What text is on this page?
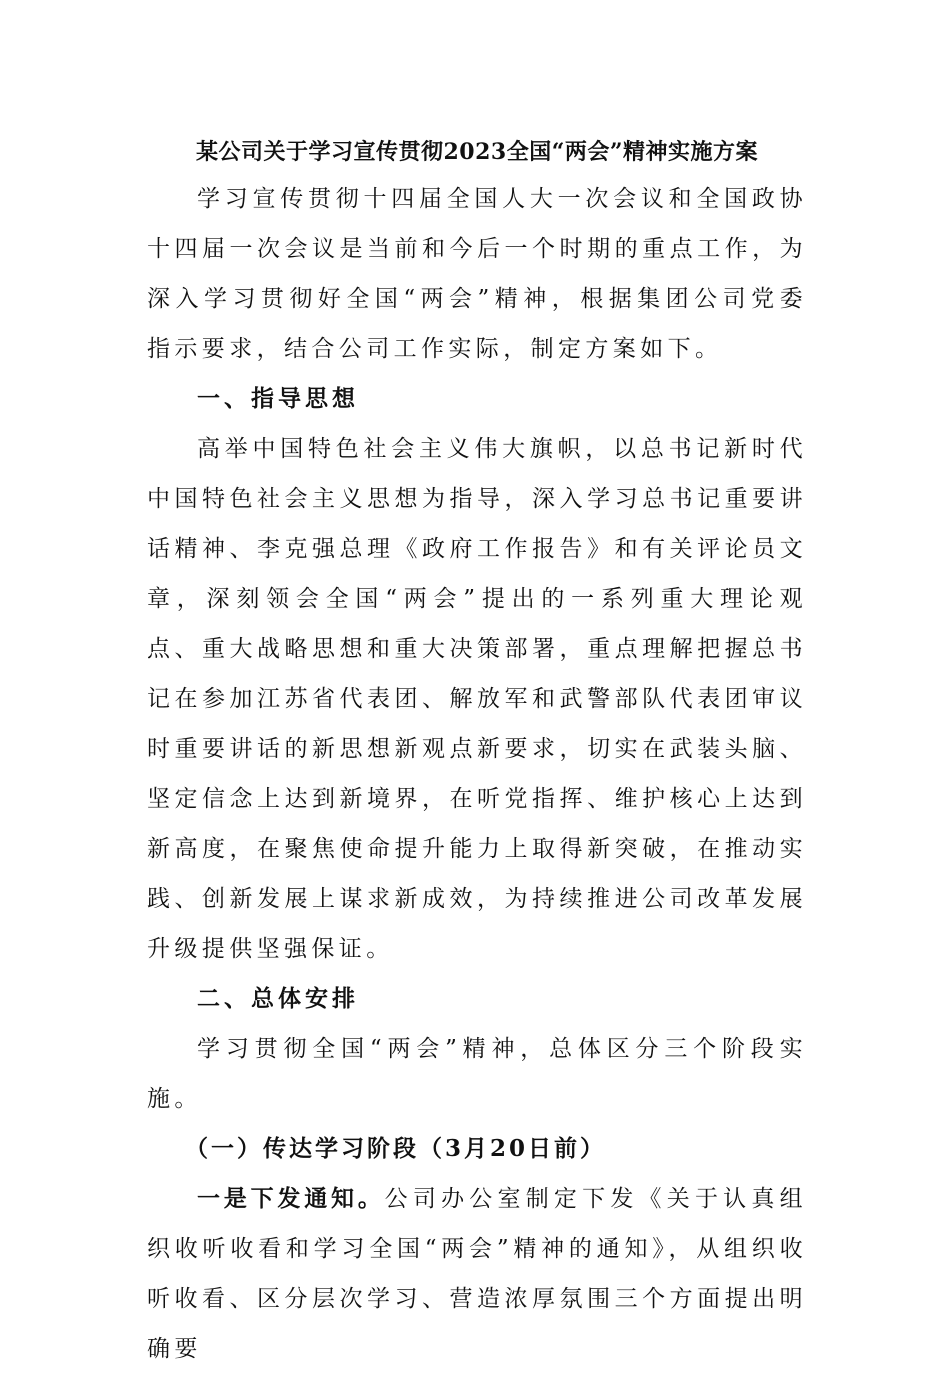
某公司关于学习宣传贯彻2023全国“两会”精神实施方案

学习宣传贯彻十四届全国人大一次会议和全国政协十四届一次会议是当前和今后一个时期的重点工作，为深入学习贯彻好全国“两会”精神，根据集团公司党委指示要求，结合公司工作实际，制定方案如下。

一、指导思想

高举中国特色社会主义伟大旗帜，以总书记新时代中国特色社会主义思想为指导，深入学习总书记重要讲话精神、李克强总理《政府工作报告》和有关评论员文章，深刻领会全国“两会”提出的一系列重大理论观点、重大战略思想和重大决策部署，重点理解把握总书记在参加江苏省代表团、解放军和武警部队代表团审议时重要讲话的新思想新观点新要求，切实在武装头脑、坚定信念上达到新境界，在听党指挥、维护核心上达到新高度，在聚焦使命提升能力上取得新突破，在推动实践、创新发展上谋求新成效，为持续推进公司改革发展升级提供坚强保证。

二、总体安排

学习贯彻全国“两会”精神，总体区分三个阶段实施。

（一）传达学习阶段（3月20日前）

一是下发通知。公司办公室制定下发《关于认真组织收听收看和学习全国“两会”精神的通知》，从组织收听收看、区分层次学习、营造浓厚氛围三个方面提出明确要
